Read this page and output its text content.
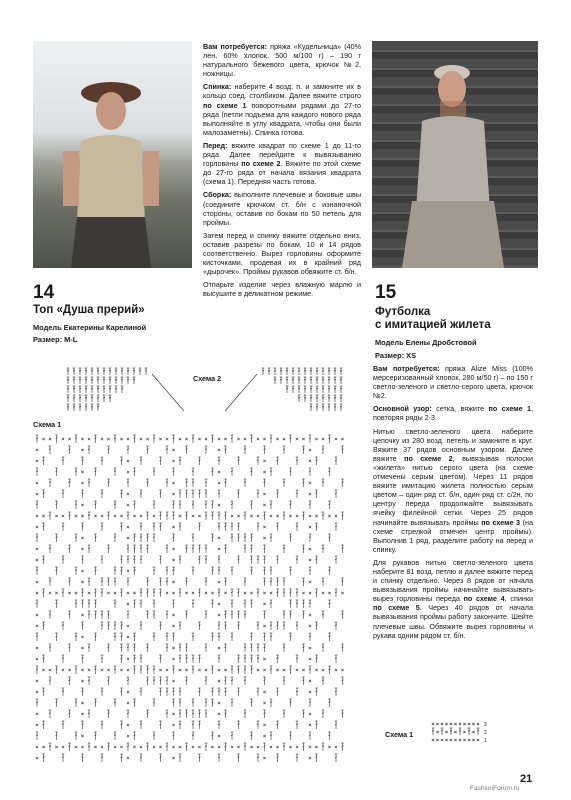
14
Топ «Душа прерий»
Модель Екатерины Карелиной
Размер: M-L

Вам потребуется: пряжа «Кудельница» (40% лен, 60% хлопок, 500 м/100 г) – 190 г натурального бежевого цвета, крючок №2, ножницы.

Спинка: наберите 4 возд. п. и замкните их в кольцо соед. столбиком. Далее вяжите строго по схеме 1 поворотными рядами до 27-го ряда (петли подъема для каждого нового ряда выполняйте в углу квадрата, чтобы они были малозаметны). Спинка готова.

Перед: вяжите квадрат по схеме 1 до 11-го ряда. Далее перейдите к вывязыванию горловины по схеме 2. Вяжите по этой схеме до 27-го ряда от начала вязания квадрата (схема 1). Передняя часть готова.

Сборка: выполните плечевые и боковые швы (соедините крючком ст. б/н с изнаночной стороны, оставив по бокам по 50 петель для проймы.

Затем перед и спинку вяжите отдельно вниз, оставив разрезы по бокам, 10 и 14 рядов соответственно. Вырез горловины оформите кисточками, продевая их в крайний ряд «дырочек». Проймы рукавов обвяжите ст. б/н.

Отпарьте изделие через влажную марлю и высушите в деликатном режиме.	15
Футболка
с имитацией жилета
Модель Елены Дробстовой
Размер: XS

Вам потребуется: пряжа Alize Miss (100% мерсеризованный хлопок, 280 м/50 г) – по 150 г светло-зеленого и светло-серого цвета, крючок №2.

Основной узор: сетка, вяжите по схеме 1, повторяя ряды 2-3.

Нитью светло-зеленого цвета наберите цепочку из 280 возд. петель и замкните в круг. Вяжите 37 рядов основным узором. Далее вяжите по схеме 2, вывязывая полоски «жилета» нитью серого цвета (на схеме отмечены серым цветом). Через 11 рядов вяжите имитацию жилета полностью серым цветом – один ряд ст. б/н, один ряд ст. с/2н, по центру переда продолжайте вывязывать ячейку филейной сетки. Через 25 рядов начинайте вывязывать проймы по схеме 3 (на схеме стрелкой отмечен центр проймы). Выполнив 1 ряд, разделите работу на перед и спинку.

Для рукавов нитью светло-зеленого цвета наберите 81 возд. петлю и далее вяжите перед и спинку отдельно. Через 8 рядов от начала вывязывания проймы начинайте вывязывать вырез горловины переда по схеме 4, спинки по схеме 5. Через 40 рядов от начала вывязывания проймы работу закончите. Шейте плечевые швы. Обвяжите вырез горловины и рукава одним рядом ст. б/н.

Схема 2
Схема 1
Схема 1
3
2
1
21
FashionForum.ru
